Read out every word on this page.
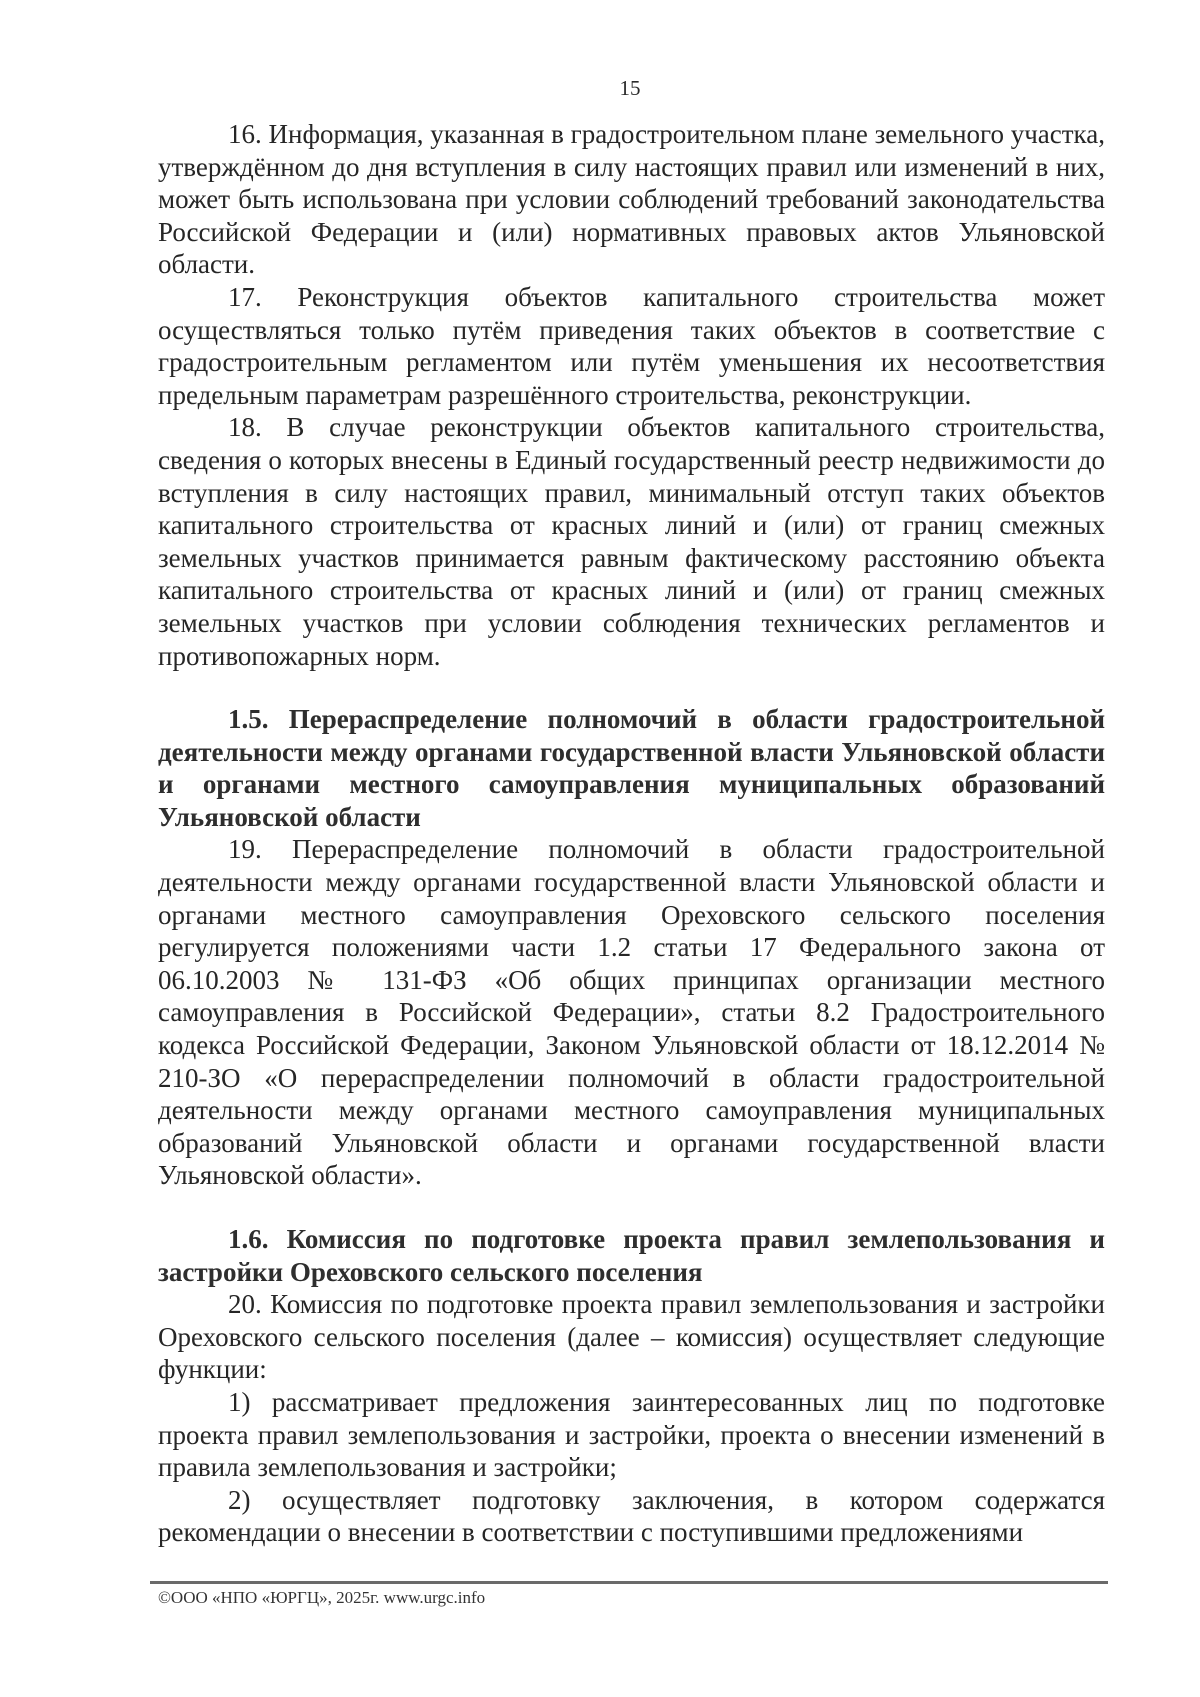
15

16. Информация, указанная в градостроительном плане земельного участка, утверждённом до дня вступления в силу настоящих правил или изменений в них, может быть использована при условии соблюдений требований законодательства Российской Федерации и (или) нормативных правовых актов Ульяновской области.

17. Реконструкция объектов капитального строительства может осуществляться только путём приведения таких объектов в соответствие с градостроительным регламентом или путём уменьшения их несоответствия предельным параметрам разрешённого строительства, реконструкции.

18. В случае реконструкции объектов капитального строительства, сведения о которых внесены в Единый государственный реестр недвижимости до вступления в силу настоящих правил, минимальный отступ таких объектов капитального строительства от красных линий и (или) от границ смежных земельных участков принимается равным фактическому расстоянию объекта капитального строительства от красных линий и (или) от границ смежных земельных участков при условии соблюдения технических регламентов и противопожарных норм.

1.5. Перераспределение полномочий в области градостроительной деятельности между органами государственной власти Ульяновской области и органами местного самоуправления муниципальных образований Ульяновской области

19. Перераспределение полномочий в области градостроительной деятельности между органами государственной власти Ульяновской области и органами местного самоуправления Ореховского сельского поселения регулируется положениями части 1.2 статьи 17 Федерального закона от 06.10.2003 № 131-ФЗ «Об общих принципах организации местного самоуправления в Российской Федерации», статьи 8.2 Градостроительного кодекса Российской Федерации, Законом Ульяновской области от 18.12.2014 № 210-ЗО «О перераспределении полномочий в области градостроительной деятельности между органами местного самоуправления муниципальных образований Ульяновской области и органами государственной власти Ульяновской области».

1.6. Комиссия по подготовке проекта правил землепользования и застройки Ореховского сельского поселения

20. Комиссия по подготовке проекта правил землепользования и застройки Ореховского сельского поселения (далее – комиссия) осуществляет следующие функции:

1) рассматривает предложения заинтересованных лиц по подготовке проекта правил землепользования и застройки, проекта о внесении изменений в правила землепользования и застройки;

2) осуществляет подготовку заключения, в котором содержатся рекомендации о внесении в соответствии с поступившими предложениями

©ООО «НПО «ЮРГЦ», 2025г. www.urgc.info
